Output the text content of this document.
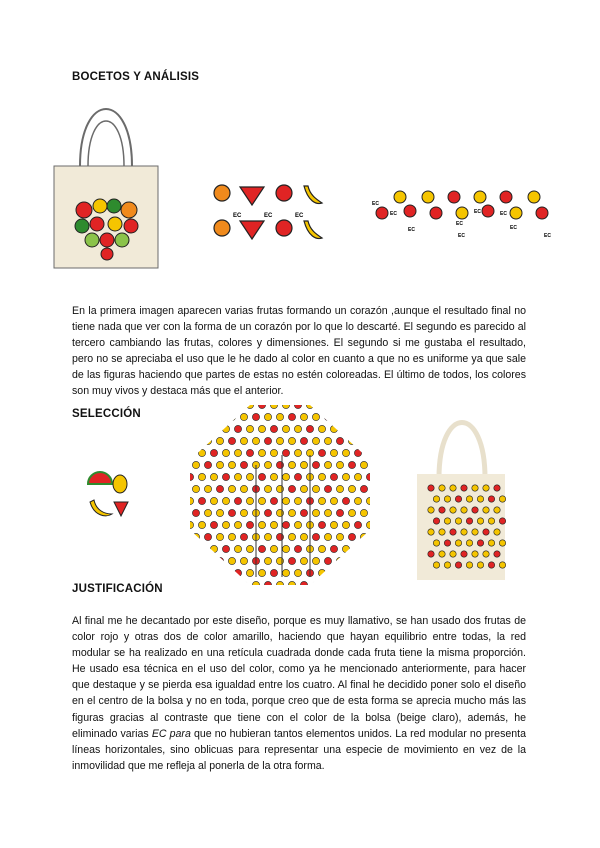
BOCETOS Y ANÁLISIS
EC	EC	EC
EC
EC
EC
EC
EC	EC
EC
EC
EC

En la primera imagen aparecen varias frutas formando un corazón ,aunque el resultado final no tiene nada que ver con la forma de un corazón por lo que lo descarté. El segundo es parecido al tercero cambiando las frutas, colores y dimensiones. El segundo si me gustaba el resultado, pero no se apreciaba el uso que le he dado al color en cuanto a que no es uniforme ya que sale de las figuras haciendo que partes de estas no estén coloreadas. El último de todos, los colores son muy vivos y destaca más que el anterior.

SELECCIÓN
JUSTIFICACIÓN

Al final me he decantado por este diseño, porque es muy llamativo, se han usado dos frutas de color rojo y otras dos de color amarillo, haciendo que hayan equilibrio entre todas, la red modular se ha realizado en una retícula cuadrada donde cada fruta tiene la misma proporción. He usado esa técnica en el uso del color, como ya he mencionado anteriormente, para hacer que destaque y se pierda esa igualdad entre los cuatro. Al final he decidido poner solo el diseño en el centro de la bolsa y no en toda, porque creo que de esta forma se aprecia mucho más las figuras gracias al contraste que tiene con el color de la bolsa (beige claro), además, he eliminado varias EC para que no hubieran tantos elementos unidos. La red modular no presenta líneas horizontales, sino oblicuas para representar una especie de movimiento en vez de la inmovilidad que me refleja al ponerla de la otra forma.
